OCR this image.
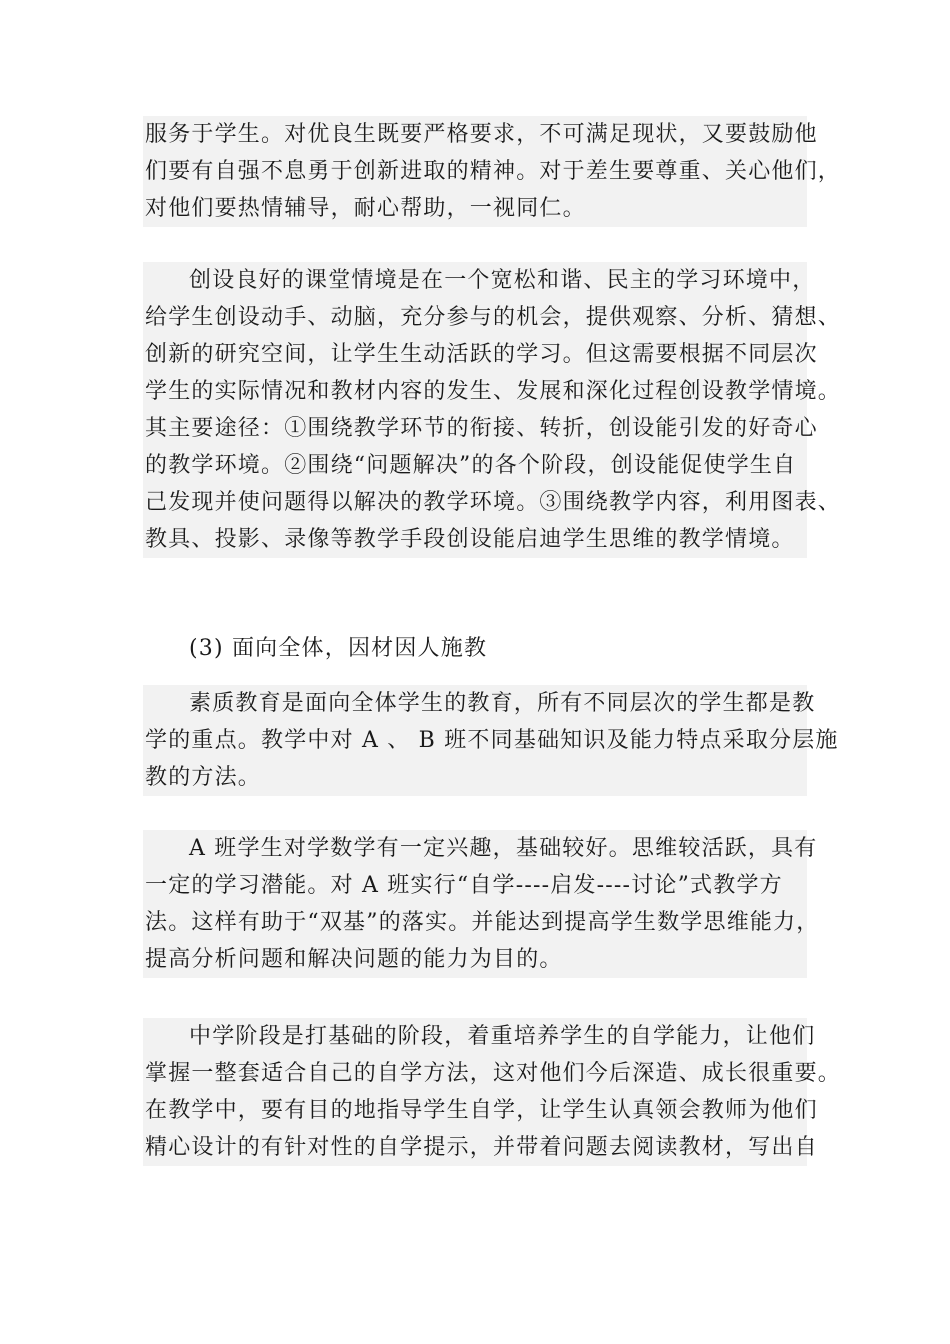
服务于学生。对优良生既要严格要求，不可满足现状，又要鼓励他
们要有自强不息勇于创新进取的精神。对于差生要尊重、关心他们，
对他们要热情辅导，耐心帮助，一视同仁。
创设良好的课堂情境是在一个宽松和谐、民主的学习环境中，
给学生创设动手、动脑，充分参与的机会，提供观察、分析、猜想、
创新的研究空间，让学生生动活跃的学习。但这需要根据不同层次
学生的实际情况和教材内容的发生、发展和深化过程创设教学情境。
其主要途径：①围绕教学环节的衔接、转折，创设能引发的好奇心
的教学环境。②围绕“问题解决”的各个阶段，创设能促使学生自
己发现并使问题得以解决的教学环境。③围绕教学内容，利用图表、
教具、投影、录像等教学手段创设能启迪学生思维的教学情境。
(3) 面向全体，因材因人施教
素质教育是面向全体学生的教育，所有不同层次的学生都是教
学的重点。教学中对 A 、 B 班不同基础知识及能力特点采取分层施
教的方法。
A 班学生对学数学有一定兴趣，基础较好。思维较活跃，具有
一定的学习潜能。对 A 班实行“自学----启发----讨论”式教学方
法。这样有助于“双基”的落实。并能达到提高学生数学思维能力，
提高分析问题和解决问题的能力为目的。
中学阶段是打基础的阶段，着重培养学生的自学能力，让他们
掌握一整套适合自己的自学方法，这对他们今后深造、成长很重要。
在教学中，要有目的地指导学生自学，让学生认真领会教师为他们
精心设计的有针对性的自学提示，并带着问题去阅读教材，写出自
